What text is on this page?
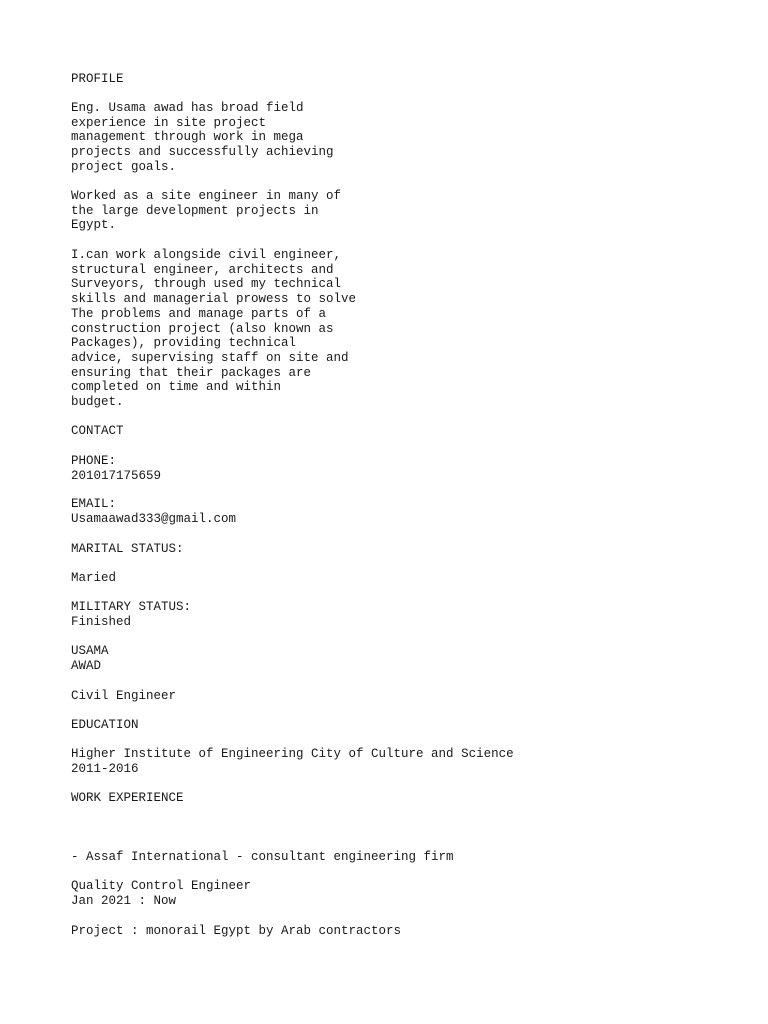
PROFILE

Eng. Usama awad has broad field
experience in site project
management through work in mega
projects and successfully achieving
project goals.

Worked as a site engineer in many of
the large development projects in
Egypt.

I.can work alongside civil engineer,
structural engineer, architects and
Surveyors, through used my technical
skills and managerial prowess to solve
The problems and manage parts of a
construction project (also known as
Packages), providing technical
advice, supervising staff on site and
ensuring that their packages are
completed on time and within
budget.

CONTACT

PHONE:
201017175659

EMAIL:
Usamaawad333@gmail.com

MARITAL STATUS:

Maried

MILITARY STATUS:
Finished

USAMA
AWAD

Civil Engineer

EDUCATION

Higher Institute of Engineering City of Culture and Science
2011-2016

WORK EXPERIENCE

- Assaf International - consultant engineering firm

Quality Control Engineer
Jan 2021 : Now

Project : monorail Egypt by Arab contractors
